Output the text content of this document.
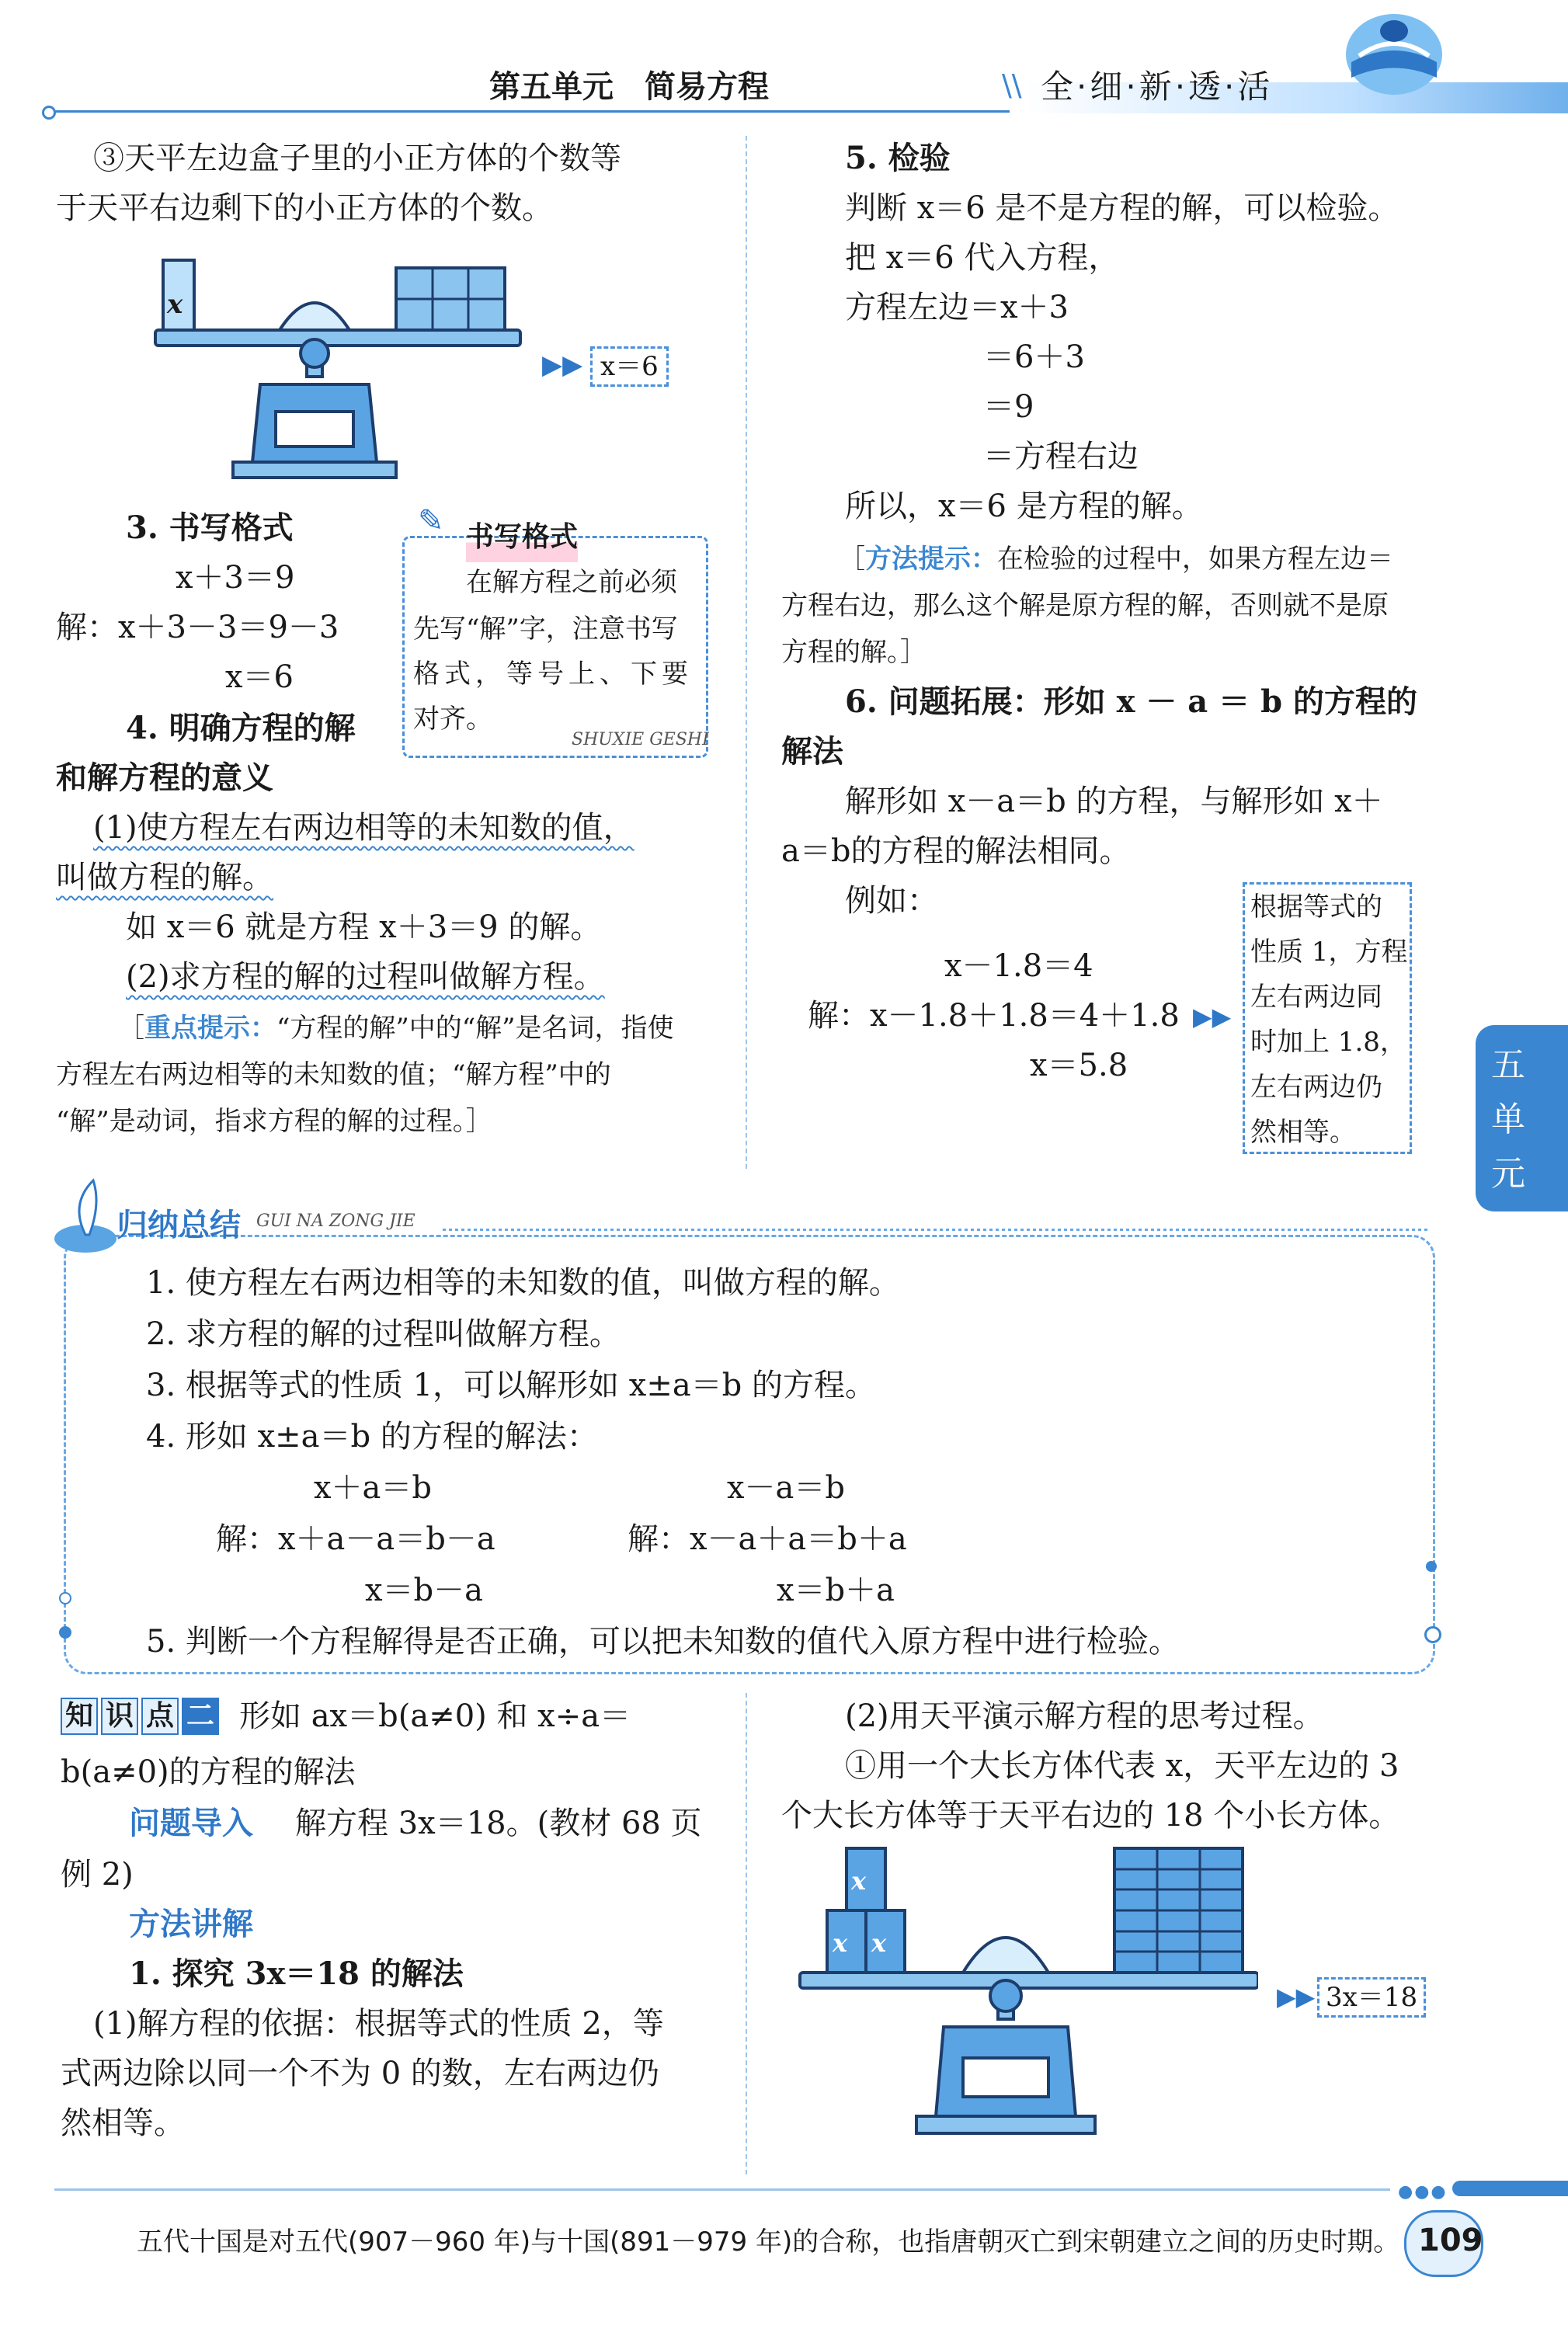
第五单元　简易方程	\\ 全·细·新·透·活
③天平左边盒子里的小正方体的个数等
于天平右边剩下的小正方体的个数。
x
▶▶ x＝6
3. 书写格式
x＋3＝9
解：x＋3－3＝9－3
x＝6
✎ 书写格式
在解方程之前必须
先写“解”字，注意书写
格式，等号上、下要
对齐。
SHUXIE GESHI
4. 明确方程的解
和解方程的意义
(1)使方程左右两边相等的未知数的值，
叫做方程的解。
如 x＝6 就是方程 x＋3＝9 的解。
(2)求方程的解的过程叫做解方程。
［重点提示：“方程的解”中的“解”是名词，指使
方程左右两边相等的未知数的值；“解方程”中的
“解”是动词，指求方程的解的过程。］
5. 检验
判断 x＝6 是不是方程的解，可以检验。
把 x＝6 代入方程，
方程左边＝x＋3
＝6＋3
＝9
＝方程右边
所以，x＝6 是方程的解。
［方法提示：在检验的过程中，如果方程左边＝
方程右边，那么这个解是原方程的解，否则就不是原
方程的解。］
6. 问题拓展：形如 x － a ＝ b 的方程的
解法
解形如 x－a＝b 的方程，与解形如 x＋
a＝b的方程的解法相同。
例如：
x－1.8＝4
解：x－1.8＋1.8＝4＋1.8 ▶▶
x＝5.8
根据等式的
性质 1，方程
左右两边同
时加上 1.8，
左右两边仍
然相等。
五
单
元
归纳总结 GUI NA ZONG JIE
1. 使方程左右两边相等的未知数的值，叫做方程的解。
2. 求方程的解的过程叫做解方程。
3. 根据等式的性质 1，可以解形如 x±a＝b 的方程。
4. 形如 x±a＝b 的方程的解法：
x＋a＝b
解：x＋a－a＝b－a
x＝b－a
x－a＝b
解：x－a＋a＝b＋a
x＝b＋a
5. 判断一个方程解得是否正确，可以把未知数的值代入原方程中进行检验。
知 识 点 二 形如 ax＝b(a≠0) 和 x÷a＝
b(a≠0)的方程的解法
问题导入 解方程 3x＝18。(教材 68 页
例 2)
方法讲解
1. 探究 3x＝18 的解法
(1)解方程的依据：根据等式的性质 2，等
式两边除以同一个不为 0 的数，左右两边仍
然相等。
(2)用天平演示解方程的思考过程。
①用一个大长方体代表 x，天平左边的 3
个大长方体等于天平右边的 18 个小长方体。
x
x x
▶▶ 3x＝18
●●●
五代十国是对五代(907－960 年)与十国(891－979 年)的合称，也指唐朝灭亡到宋朝建立之间的历史时期。 109
